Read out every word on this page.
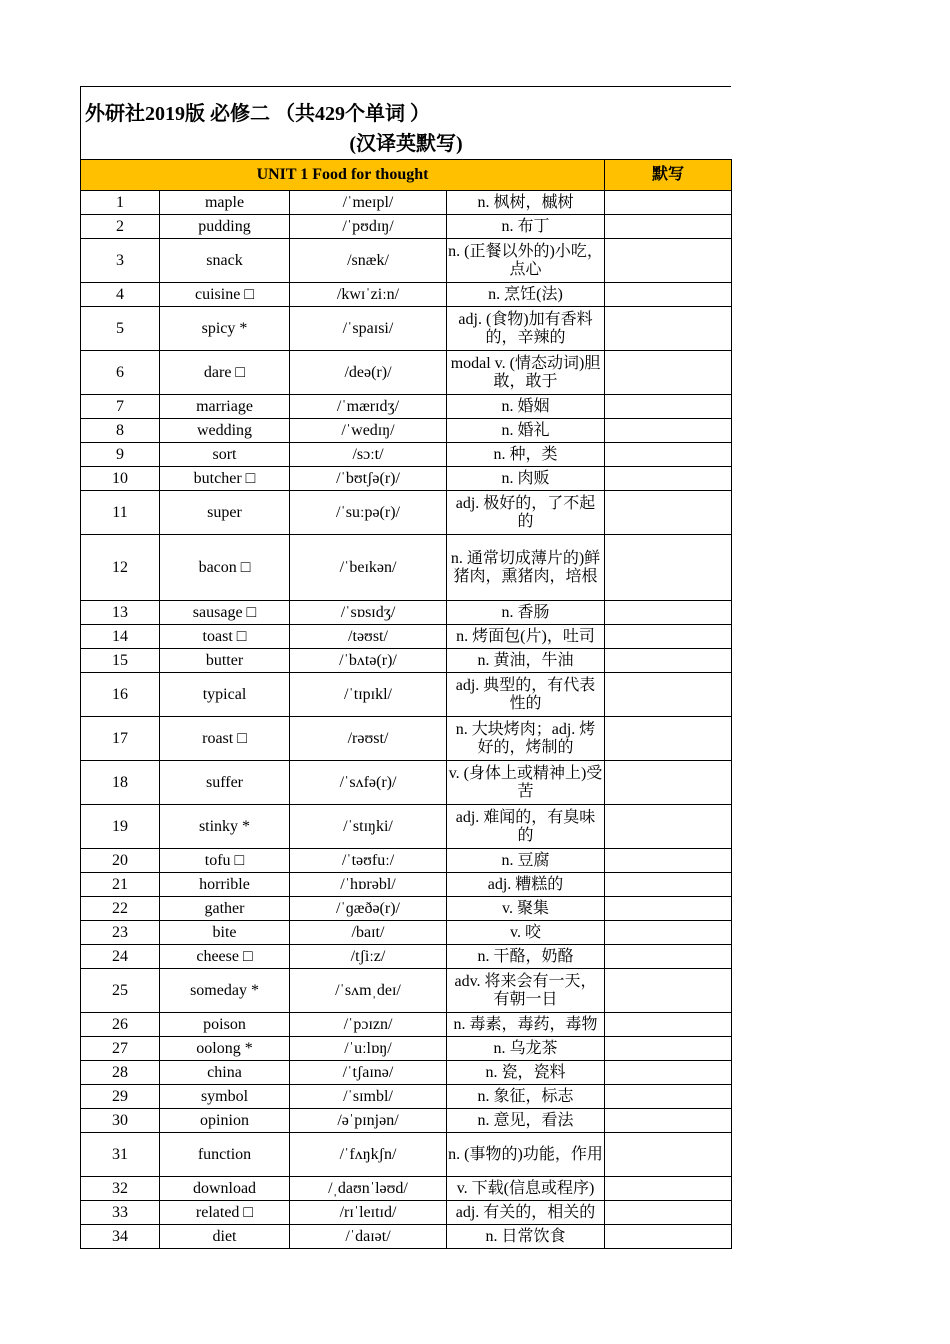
外研社2019版 必修二 （共429个单词 ）
(汉译英默写)
UNIT 1 Food for thought				默写
1	maple	/ˈmeɪpl/	n. 枫树，槭树	
2	pudding	/ˈpʊdɪŋ/	n. 布丁	
3	snack	/snæk/	n. (正餐以外的)小吃，点心	
4	cuisine □	/kwɪˈziːn/	n. 烹饪(法)	
5	spicy *	/ˈspaɪsi/	adj. (食物)加有香料的，辛辣的	
6	dare □	/deə(r)/	modal v. (情态动词)胆敢，敢于	
7	marriage	/ˈmærɪdʒ/	n. 婚姻	
8	wedding	/ˈwedɪŋ/	n. 婚礼	
9	sort	/sɔːt/	n. 种，类	
10	butcher □	/ˈbʊtʃə(r)/	n. 肉贩	
11	super	/ˈsuːpə(r)/	adj. 极好的，了不起的	
12	bacon □	/ˈbeɪkən/	n. 通常切成薄片的)鲜猪肉，熏猪肉，培根	
13	sausage □	/ˈsɒsɪdʒ/	n. 香肠	
14	toast □	/təʊst/	n. 烤面包(片)，吐司	
15	butter	/ˈbʌtə(r)/	n. 黄油，牛油	
16	typical	/ˈtɪpɪkl/	adj. 典型的，有代表性的	
17	roast □	/rəʊst/	n. 大块烤肉；adj. 烤好的，烤制的	
18	suffer	/ˈsʌfə(r)/	v. (身体上或精神上)受苦	
19	stinky *	/ˈstɪŋki/	adj. 难闻的，有臭味的	
20	tofu □	/ˈtəʊfuː/	n. 豆腐	
21	horrible	/ˈhɒrəbl/	adj. 糟糕的	
22	gather	/ˈɡæðə(r)/	v. 聚集	
23	bite	/baɪt/	v. 咬	
24	cheese □	/tʃiːz/	n. 干酪，奶酪	
25	someday *	/ˈsʌmˌdeɪ/	adv. 将来会有一天，有朝一日	
26	poison	/ˈpɔɪzn/	n. 毒素，毒药，毒物	
27	oolong *	/ˈuːlɒŋ/	n. 乌龙茶	
28	china	/ˈtʃaɪnə/	n. 瓷，瓷料	
29	symbol	/ˈsɪmbl/	n. 象征，标志	
30	opinion	/əˈpɪnjən/	n. 意见，看法	
31	function	/ˈfʌŋkʃn/	n. (事物的)功能，作用	
32	download	/ˌdaʊnˈləʊd/	v. 下载(信息或程序)	
33	related □	/rɪˈleɪtɪd/	adj. 有关的，相关的	
34	diet	/ˈdaɪət/	n. 日常饮食	
